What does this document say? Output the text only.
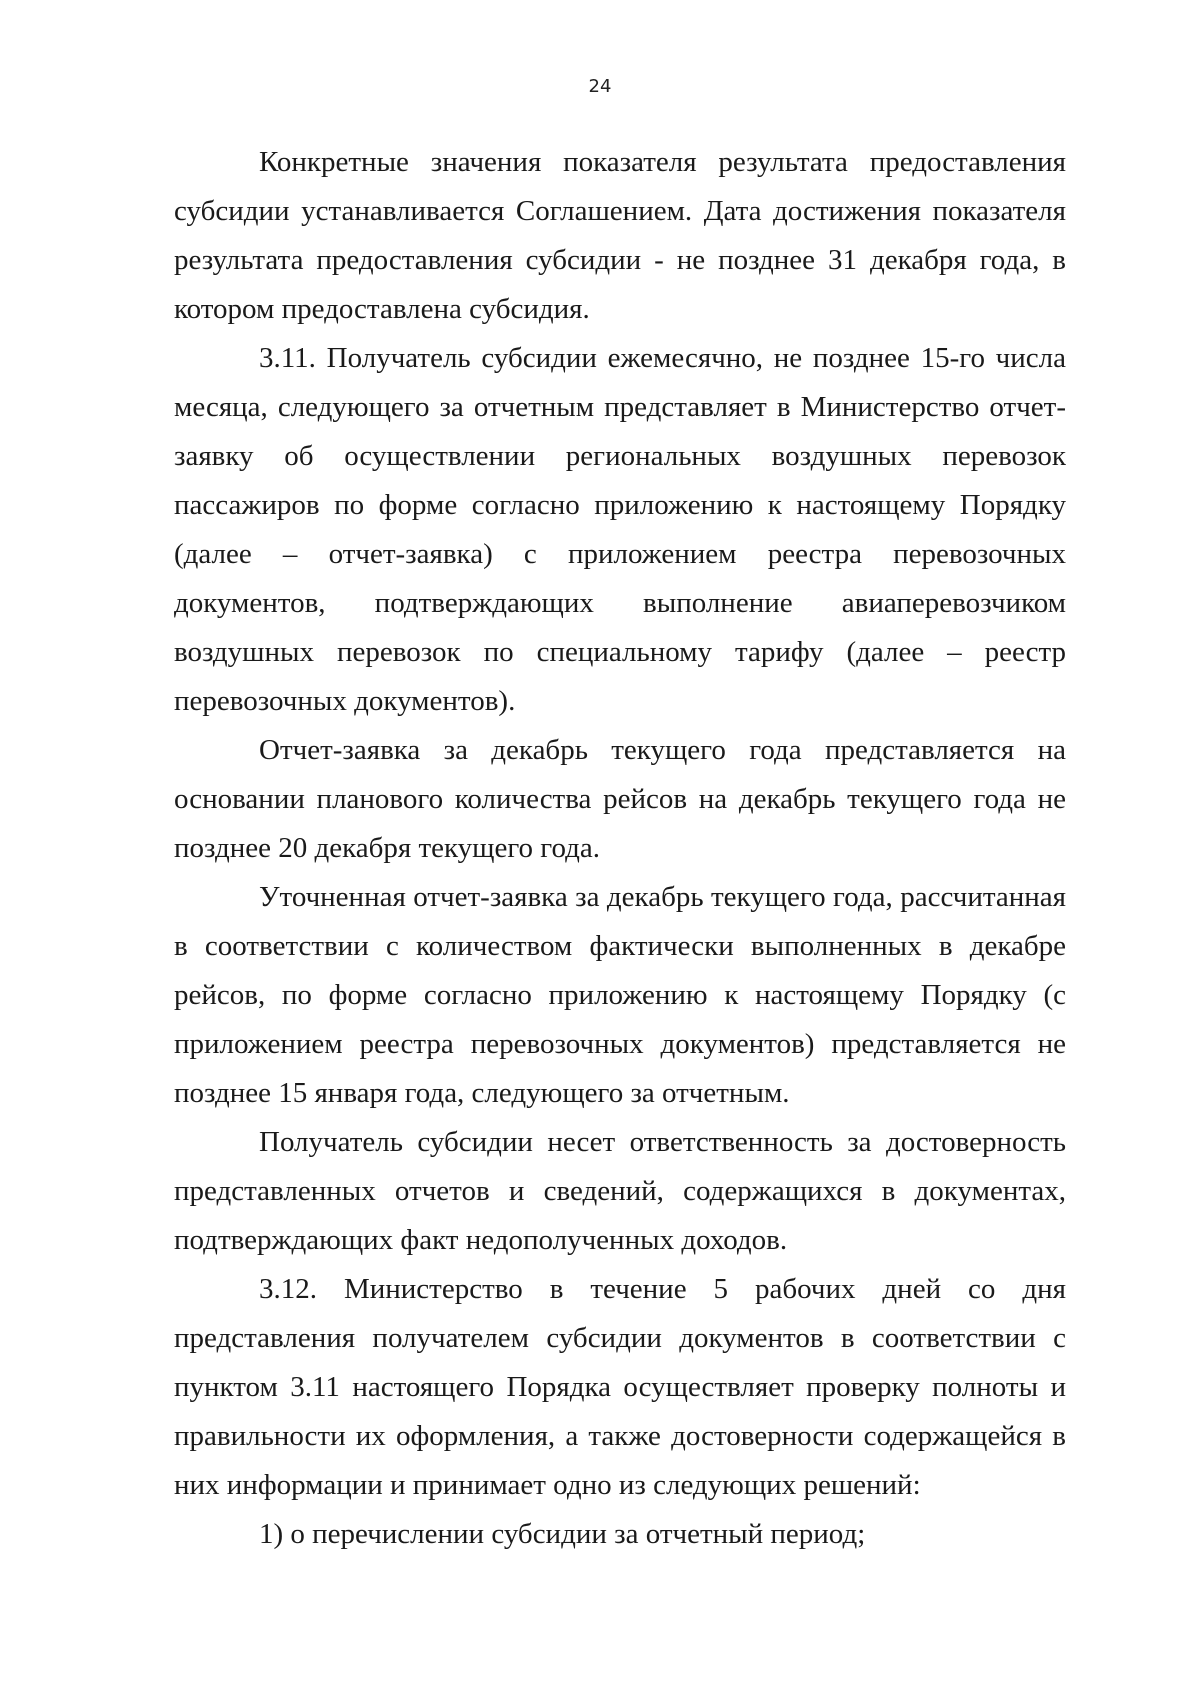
24

Конкретные значения показателя результата предоставления субсидии устанавливается Соглашением. Дата достижения показателя результата предоставления субсидии - не позднее 31 декабря года, в котором предоставлена субсидия.

3.11. Получатель субсидии ежемесячно, не позднее 15-го числа месяца, следующего за отчетным представляет в Министерство отчет-заявку об осуществлении региональных воздушных перевозок пассажиров по форме согласно приложению к настоящему Порядку (далее – отчет-заявка) с приложением реестра перевозочных документов, подтверждающих выполнение авиаперевозчиком воздушных перевозок по специальному тарифу (далее – реестр перевозочных документов).

Отчет-заявка за декабрь текущего года представляется на основании планового количества рейсов на декабрь текущего года не позднее 20 декабря текущего года.

Уточненная отчет-заявка за декабрь текущего года, рассчитанная в соответствии с количеством фактически выполненных в декабре рейсов, по форме согласно приложению к настоящему Порядку (с приложением реестра перевозочных документов) представляется не позднее 15 января года, следующего за отчетным.

Получатель субсидии несет ответственность за достоверность представленных отчетов и сведений, содержащихся в документах, подтверждающих факт недополученных доходов.

3.12. Министерство в течение 5 рабочих дней со дня представления получателем субсидии документов в соответствии с пунктом 3.11 настоящего Порядка осуществляет проверку полноты и правильности их оформления, а также достоверности содержащейся в них информации и принимает одно из следующих решений:

1) о перечислении субсидии за отчетный период;
